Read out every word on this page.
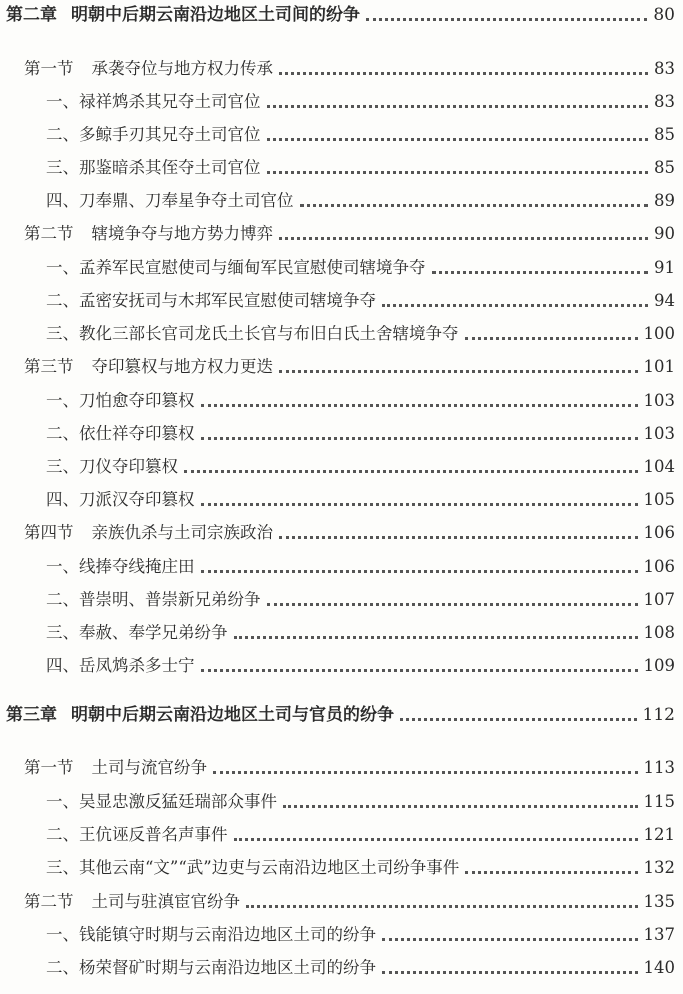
第二章 明朝中后期云南沿边地区土司间的纷争	80
第一节 承袭夺位与地方权力传承	83
一、 禄祥鸩杀其兄夺土司官位	83
二、 多鲸手刃其兄夺土司官位	85
三、 那鉴暗杀其侄夺土司官位	85
四、 刀奉鼎、刀奉星争夺土司官位	89
第二节 辖境争夺与地方势力博弈	90
一、 孟养军民宣慰使司与缅甸军民宣慰使司辖境争夺	91
二、 孟密安抚司与木邦军民宣慰使司辖境争夺	94
三、 教化三部长官司龙氏土长官与布旧白氏土舍辖境争夺	100
第三节 夺印篡权与地方权力更迭	101
一、 刀怕愈夺印篡权	103
二、 依仕祥夺印篡权	103
三、 刀仪夺印篡权	104
四、 刀派汉夺印篡权	105
第四节 亲族仇杀与土司宗族政治	106
一、 线捧夺线掩庄田	106
二、 普崇明、普崇新兄弟纷争	107
三、 奉赦、奉学兄弟纷争	108
四、 岳凤鸩杀多士宁	109
第三章 明朝中后期云南沿边地区土司与官员的纷争	112
第一节 土司与流官纷争	113
一、 吴显忠激反猛廷瑞部众事件	115
二、 王伉诬反普名声事件	121
三、 其他云南“文”“武”边吏与云南沿边地区土司纷争事件	132
第二节 土司与驻滇宦官纷争	135
一、 钱能镇守时期与云南沿边地区土司的纷争	137
二、 杨荣督矿时期与云南沿边地区土司的纷争	140
